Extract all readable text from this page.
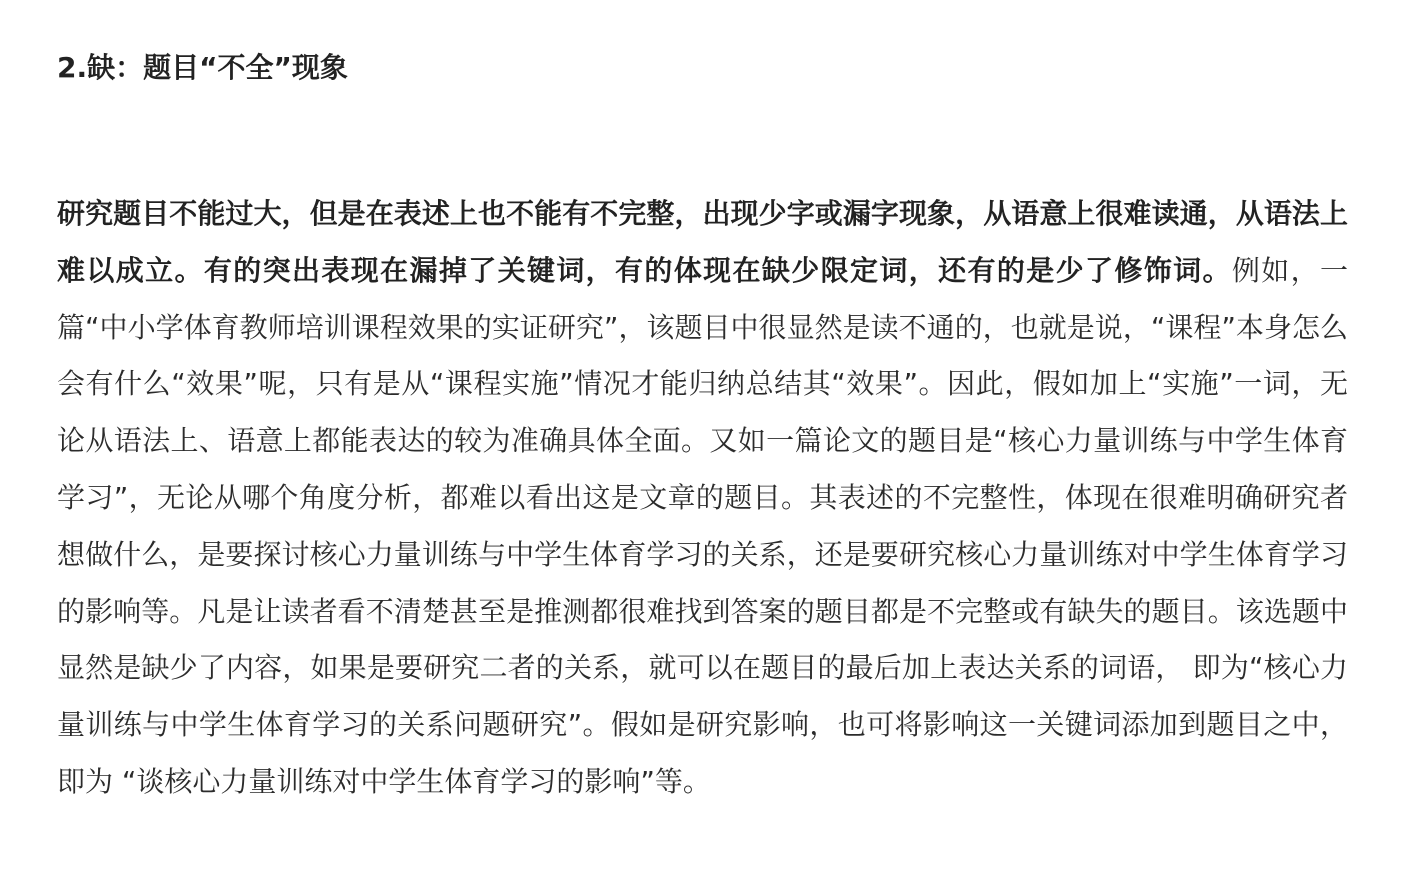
2.缺：题目“不全”现象

研究题目不能过大，但是在表述上也不能有不完整，出现少字或漏字现象，从语意上很难读通，从语法上难以成立。有的突出表现在漏掉了关键词，有的体现在缺少限定词，还有的是少了修饰词。例如，一篇“中小学体育教师培训课程效果的实证研究”，该题目中很显然是读不通的，也就是说，“课程”本身怎么会有什么“效果”呢，只有是从“课程实施”情况才能归纳总结其“效果”。因此，假如加上“实施”一词，无论从语法上、语意上都能表达的较为准确具体全面。又如一篇论文的题目是“核心力量训练与中学生体育学习”，无论从哪个角度分析，都难以看出这是文章的题目。其表述的不完整性，体现在很难明确研究者想做什么，是要探讨核心力量训练与中学生体育学习的关系，还是要研究核心力量训练对中学生体育学习的影响等。凡是让读者看不清楚甚至是推测都很难找到答案的题目都是不完整或有缺失的题目。该选题中显然是缺少了内容，如果是要研究二者的关系，就可以在题目的最后加上表达关系的词语， 即为“核心力量训练与中学生体育学习的关系问题研究”。假如是研究影响，也可将影响这一关键词添加到题目之中，即为 “谈核心力量训练对中学生体育学习的影响”等。
